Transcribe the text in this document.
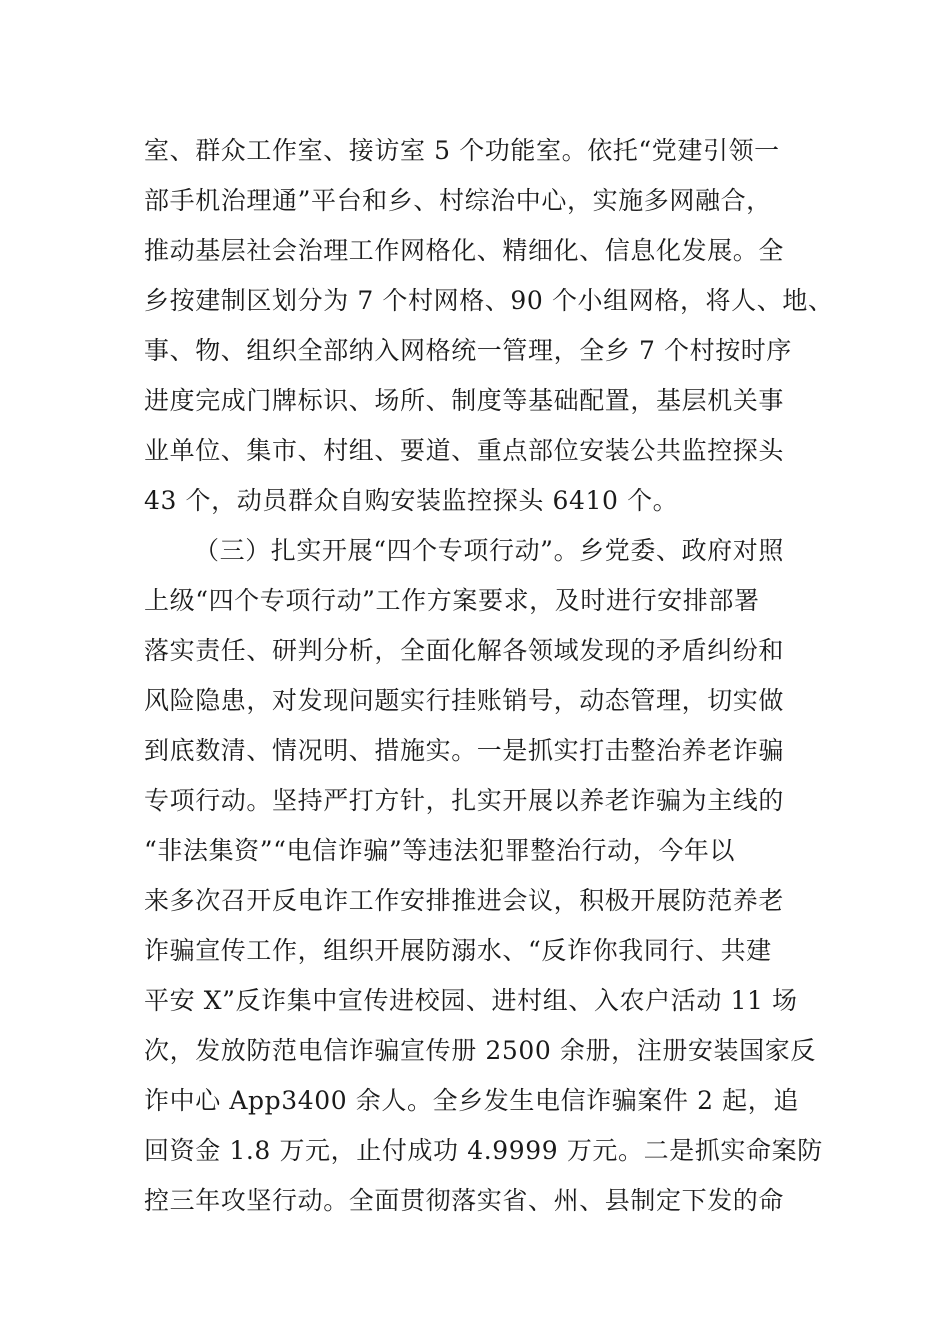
室、群众工作室、接访室 5 个功能室。依托“党建引领一

部手机治理通”平台和乡、村综治中心，实施多网融合，

推动基层社会治理工作网格化、精细化、信息化发展。全

乡按建制区划分为 7 个村网格、90 个小组网格，将人、地、

事、物、组织全部纳入网格统一管理，全乡 7 个村按时序

进度完成门牌标识、场所、制度等基础配置，基层机关事

业单位、集市、村组、要道、重点部位安装公共监控探头

43 个，动员群众自购安装监控探头 6410 个。

（三）扎实开展“四个专项行动”。乡党委、政府对照

上级“四个专项行动”工作方案要求，及时进行安排部署

落实责任、研判分析，全面化解各领域发现的矛盾纠纷和

风险隐患，对发现问题实行挂账销号，动态管理，切实做

到底数清、情况明、措施实。一是抓实打击整治养老诈骗

专项行动。坚持严打方针，扎实开展以养老诈骗为主线的

“非法集资”“电信诈骗”等违法犯罪整治行动，今年以

来多次召开反电诈工作安排推进会议，积极开展防范养老

诈骗宣传工作，组织开展防溺水、“反诈你我同行、共建

平安 X”反诈集中宣传进校园、进村组、入农户活动 11 场

次，发放防范电信诈骗宣传册 2500 余册，注册安装国家反

诈中心 App3400 余人。全乡发生电信诈骗案件 2 起，追

回资金 1.8 万元，止付成功 4.9999 万元。二是抓实命案防

控三年攻坚行动。全面贯彻落实省、州、县制定下发的命
